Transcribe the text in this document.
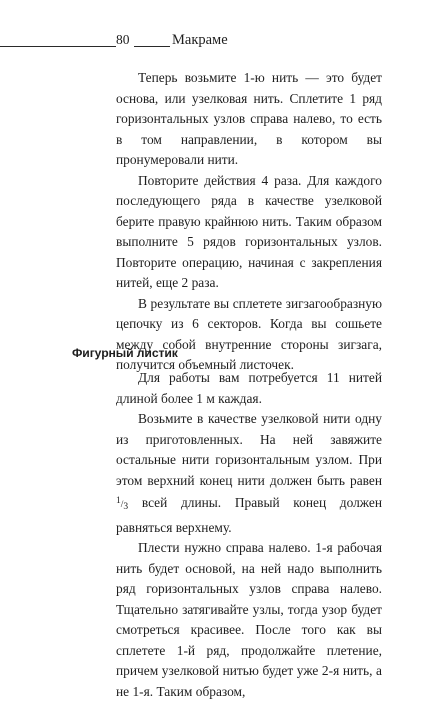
80	Макраме

Теперь возьмите 1-ю нить — это будет основа, или узелковая нить. Сплетите 1 ряд горизонтальных узлов справа налево, то есть в том направлении, в котором вы пронумеровали нити.

Повторите действия 4 раза. Для каждого последующего ряда в качестве узелковой берите правую крайнюю нить. Таким образом выполните 5 рядов горизонтальных узлов. Повторите операцию, начиная с закрепления нитей, еще 2 раза.

В результате вы сплетете зигзагообразную цепочку из 6 секторов. Когда вы сошьете между собой внутренние стороны зигзага, получится объемный листочек.

Фигурный листик

Для работы вам потребуется 11 нитей длиной более 1 м каждая.

Возьмите в качестве узелковой нити одну из приготовленных. На ней завяжите остальные нити горизонтальным узлом. При этом верхний конец нити должен быть равен $^1/_3$ всей длины. Правый конец должен равняться верхнему.

Плести нужно справа налево. 1-я рабочая нить будет основой, на ней надо выполнить ряд горизонтальных узлов справа налево. Тщательно затягивайте узлы, тогда узор будет смотреться красивее. После того как вы сплетете 1-й ряд, продолжайте плетение, причем узелковой нитью будет уже 2-я нить, а не 1-я. Таким образом,
